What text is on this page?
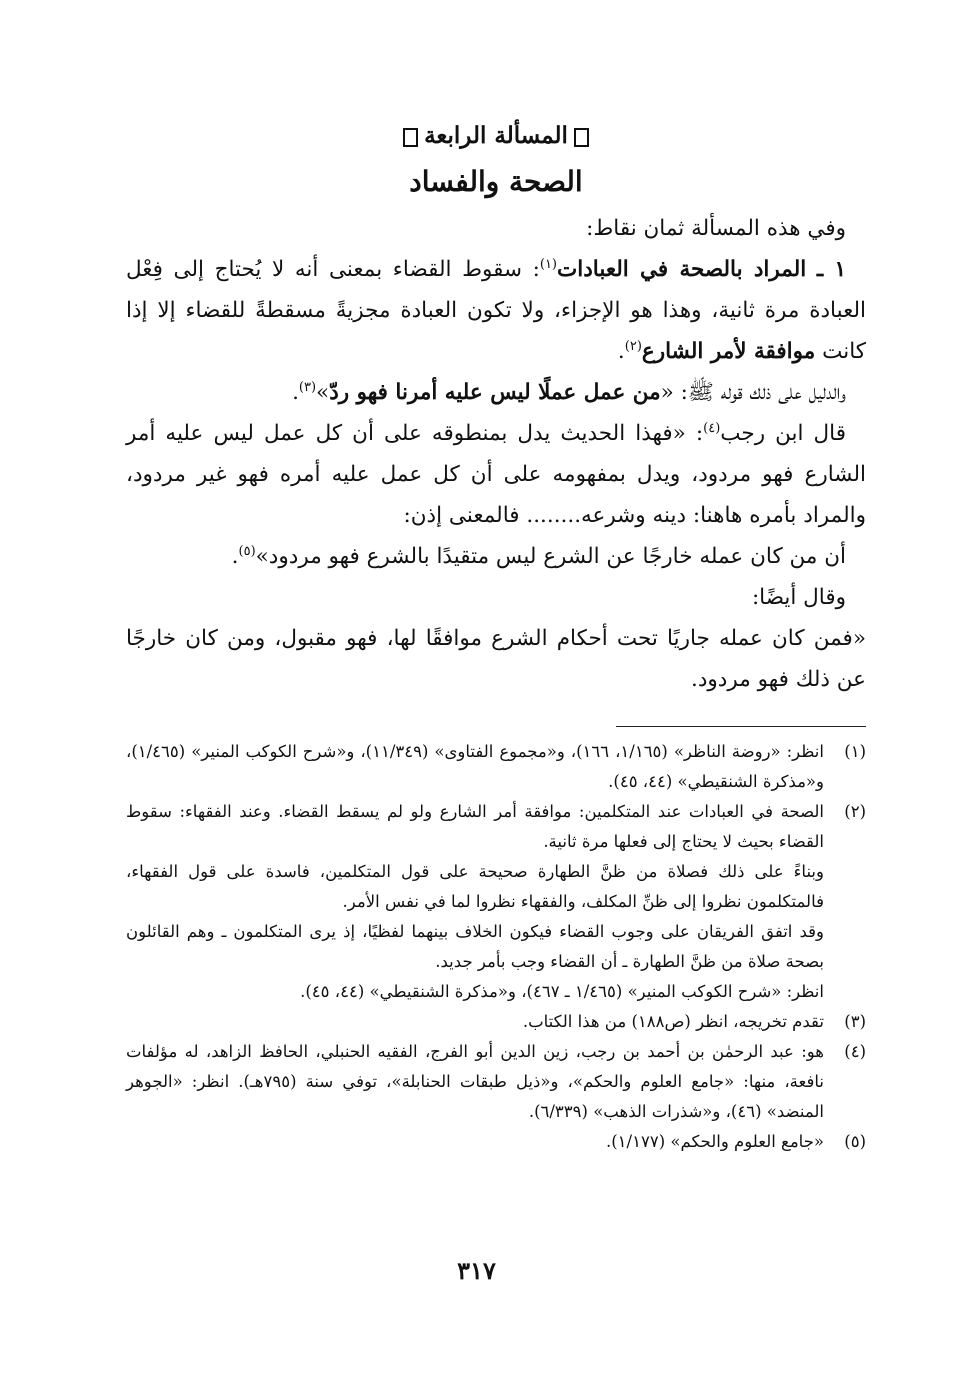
المسألة الرابعة
الصحة والفساد

وفي هذه المسألة ثمان نقاط:

١ ـ المراد بالصحة في العبادات$^{(١)}$: سقوط القضاء بمعنى أنه لا يُحتاج إلى فِعْل العبادة مرة ثانية، وهذا هو الإجزاء، ولا تكون العبادة مجزيةً مسقطةً للقضاء إلا إذا كانت موافقة لأمر الشارع$^{(٢)}$.

والدليل على ذلك قوله ﷺ: «من عمل عملًا ليس عليه أمرنا فهو ردّ»$^{(٣)}$.

قال ابن رجب$^{(٤)}$: «فهذا الحديث يدل بمنطوقه على أن كل عمل ليس عليه أمر الشارع فهو مردود، ويدل بمفهومه على أن كل عمل عليه أمره فهو غير مردود، والمراد بأمره هاهنا: دينه وشرعه........ فالمعنى إذن:

أن من كان عمله خارجًا عن الشرع ليس متقيدًا بالشرع فهو مردود»$^{(٥)}$.

وقال أيضًا:

«فمن كان عمله جاريًا تحت أحكام الشرع موافقًا لها، فهو مقبول، ومن كان خارجًا عن ذلك فهو مردود.

(١)

انظر: «روضة الناظر» (١/١٦٥، ١٦٦)، و«مجموع الفتاوى» (١١/٣٤٩)، و«شرح الكوكب المنير» (١/٤٦٥)، و«مذكرة الشنقيطي» (٤٤، ٤٥).

(٢)

الصحة في العبادات عند المتكلمين: موافقة أمر الشارع ولو لم يسقط القضاء. وعند الفقهاء: سقوط القضاء بحيث لا يحتاج إلى فعلها مرة ثانية.

وبناءً على ذلك فصلاة من ظنَّ الطهارة صحيحة على قول المتكلمين، فاسدة على قول الفقهاء، فالمتكلمون نظروا إلى ظنِّ المكلف، والفقهاء نظروا لما في نفس الأمر.

وقد اتفق الفريقان على وجوب القضاء فيكون الخلاف بينهما لفظيًا، إذ يرى المتكلمون ـ وهم القائلون بصحة صلاة من ظنَّ الطهارة ـ أن القضاء وجب بأمر جديد.

انظر: «شرح الكوكب المنير» (١/٤٦٥ ـ ٤٦٧)، و«مذكرة الشنقيطي» (٤٤، ٤٥).

(٣)

تقدم تخريجه، انظر (ص١٨٨) من هذا الكتاب.

(٤)

هو: عبد الرحمٰن بن أحمد بن رجب، زين الدين أبو الفرج، الفقيه الحنبلي، الحافظ الزاهد، له مؤلفات نافعة، منها: «جامع العلوم والحكم»، و«ذيل طبقات الحنابلة»، توفي سنة (٧٩٥هـ). انظر: «الجوهر المنضد» (٤٦)، و«شذرات الذهب» (٦/٣٣٩).

(٥)

«جامع العلوم والحكم» (١/١٧٧).

٣١٧
